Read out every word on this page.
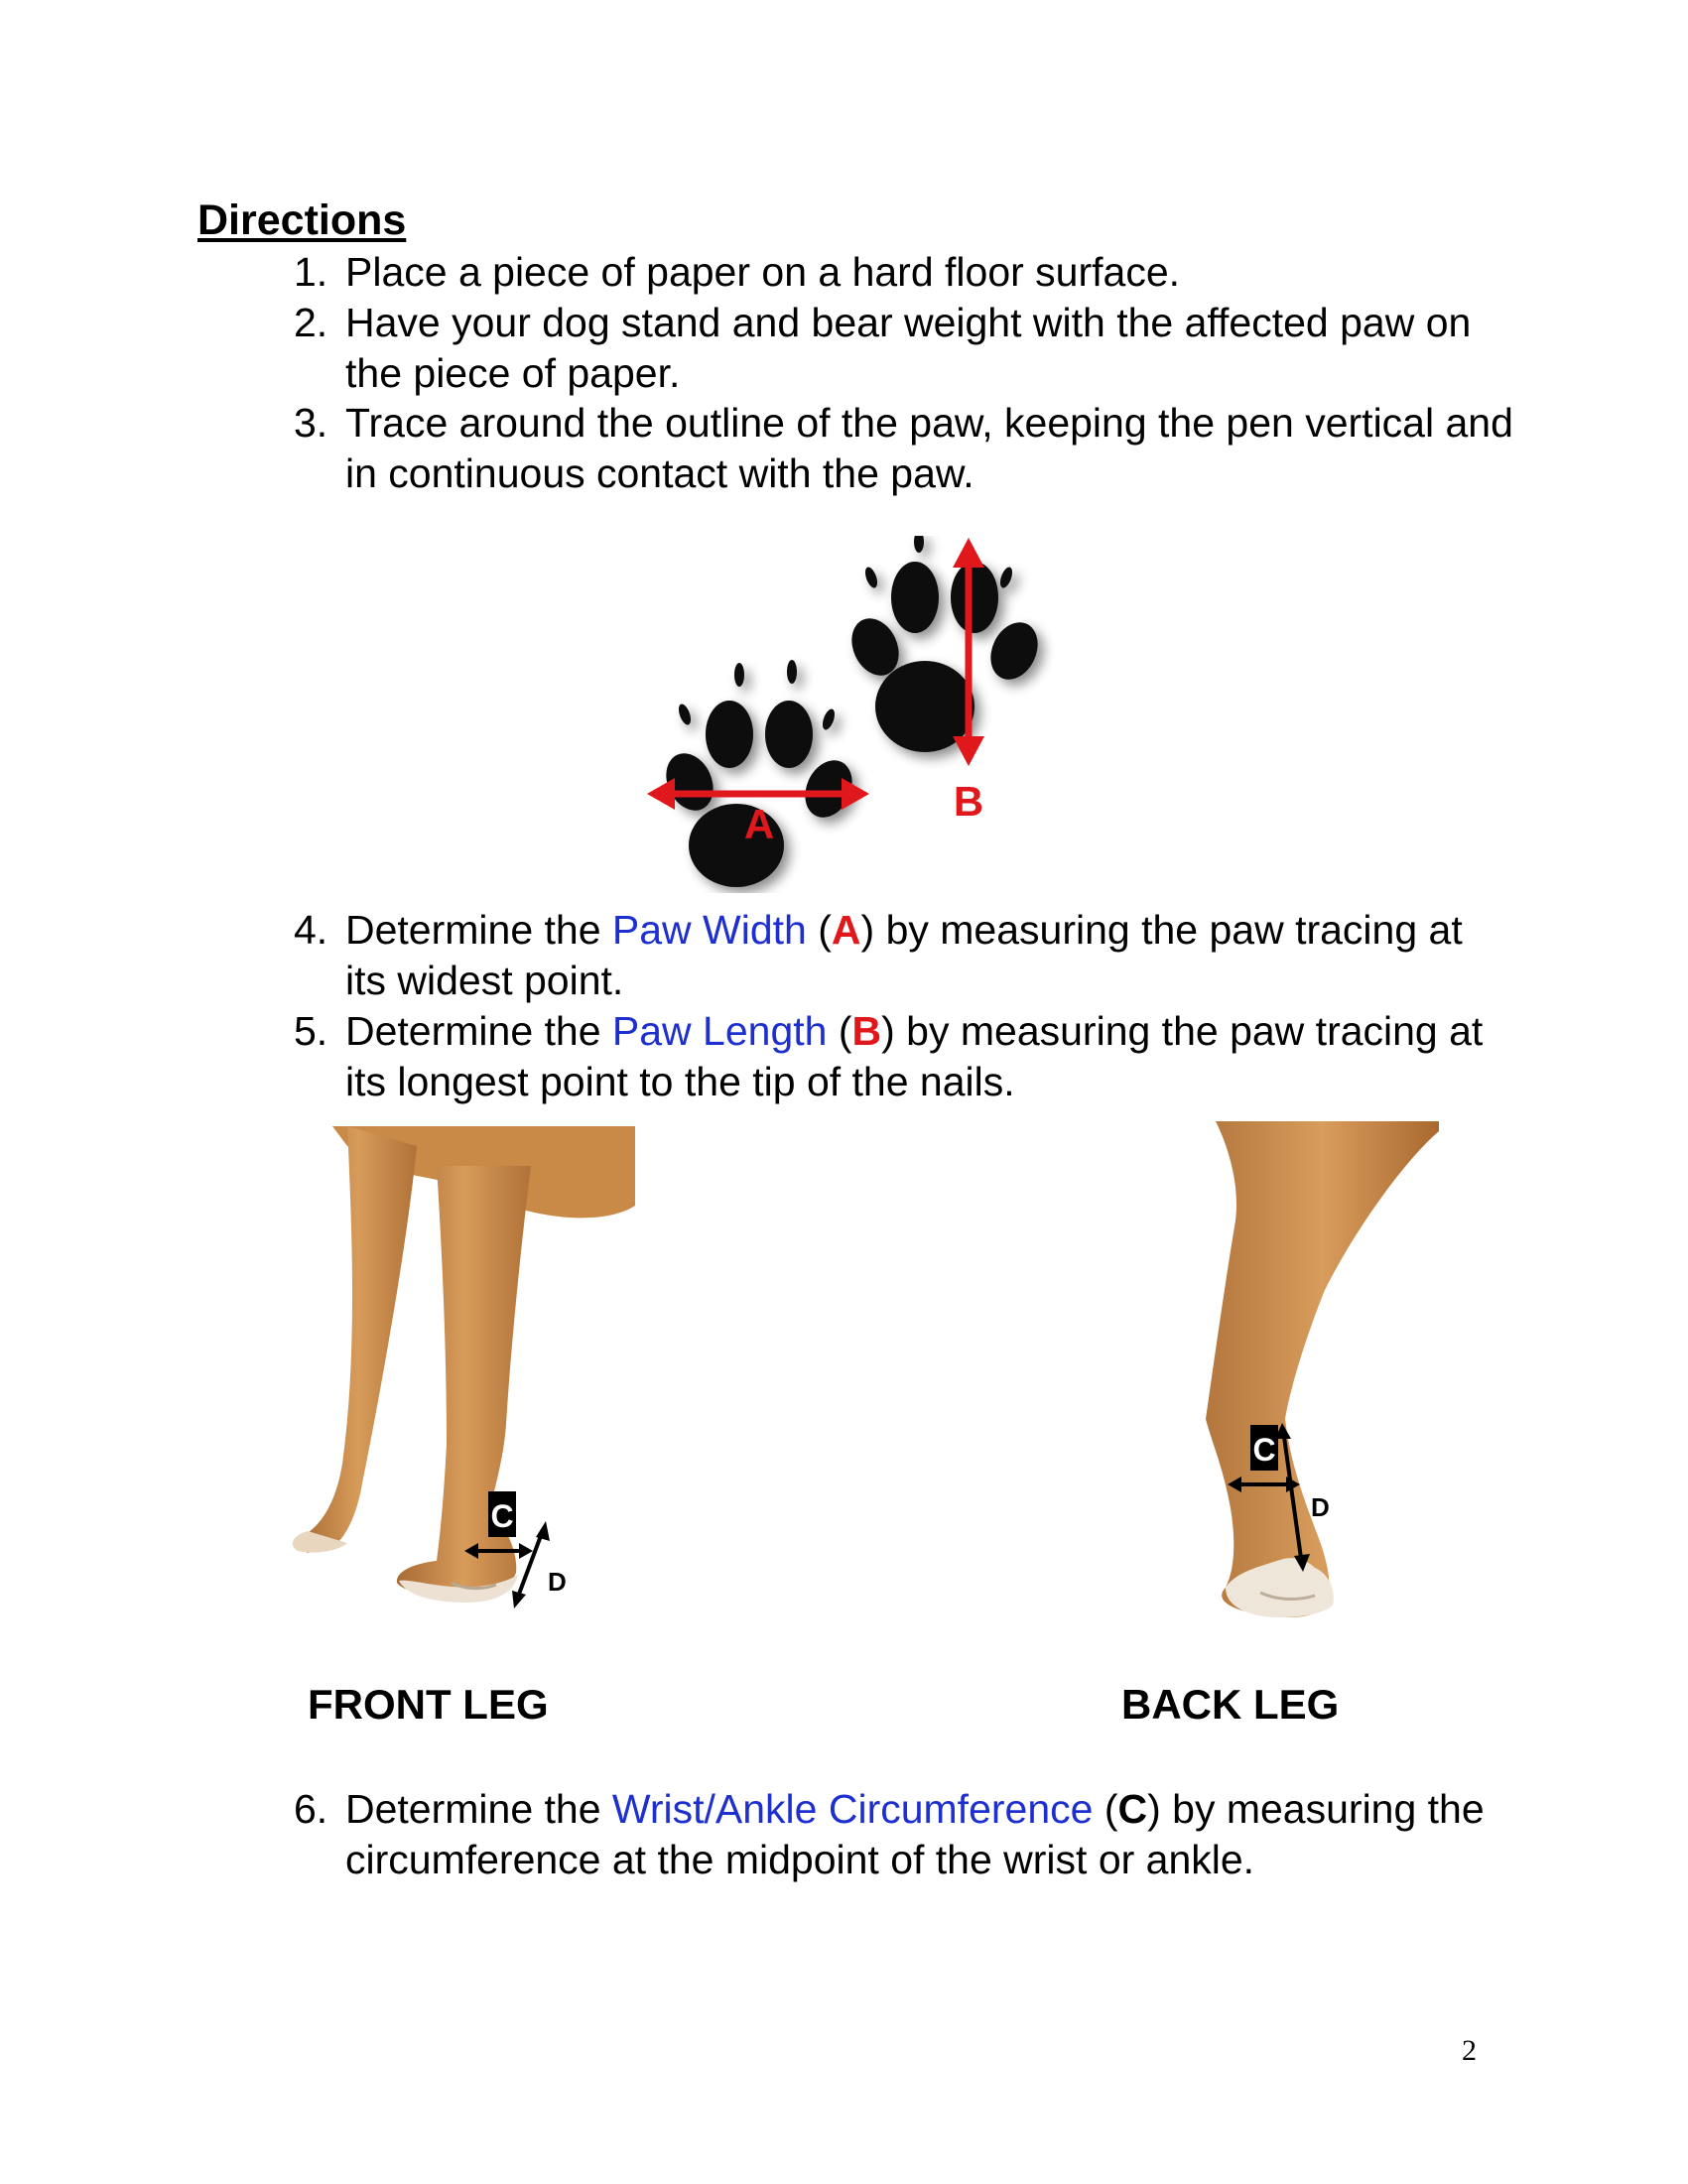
Directions
1. Place a piece of paper on a hard floor surface.
2. Have your dog stand and bear weight with the affected paw on the piece of paper.
3. Trace around the outline of the paw, keeping the pen vertical and in continuous contact with the paw.
A	B
4. Determine the Paw Width (A) by measuring the paw tracing at its widest point.
5. Determine the Paw Length (B) by measuring the paw tracing at its longest point to the tip of the nails.
C
D
C
D
FRONT LEG	BACK LEG
6. Determine the Wrist/Ankle Circumference (C) by measuring the circumference at the midpoint of the wrist or ankle.
2
